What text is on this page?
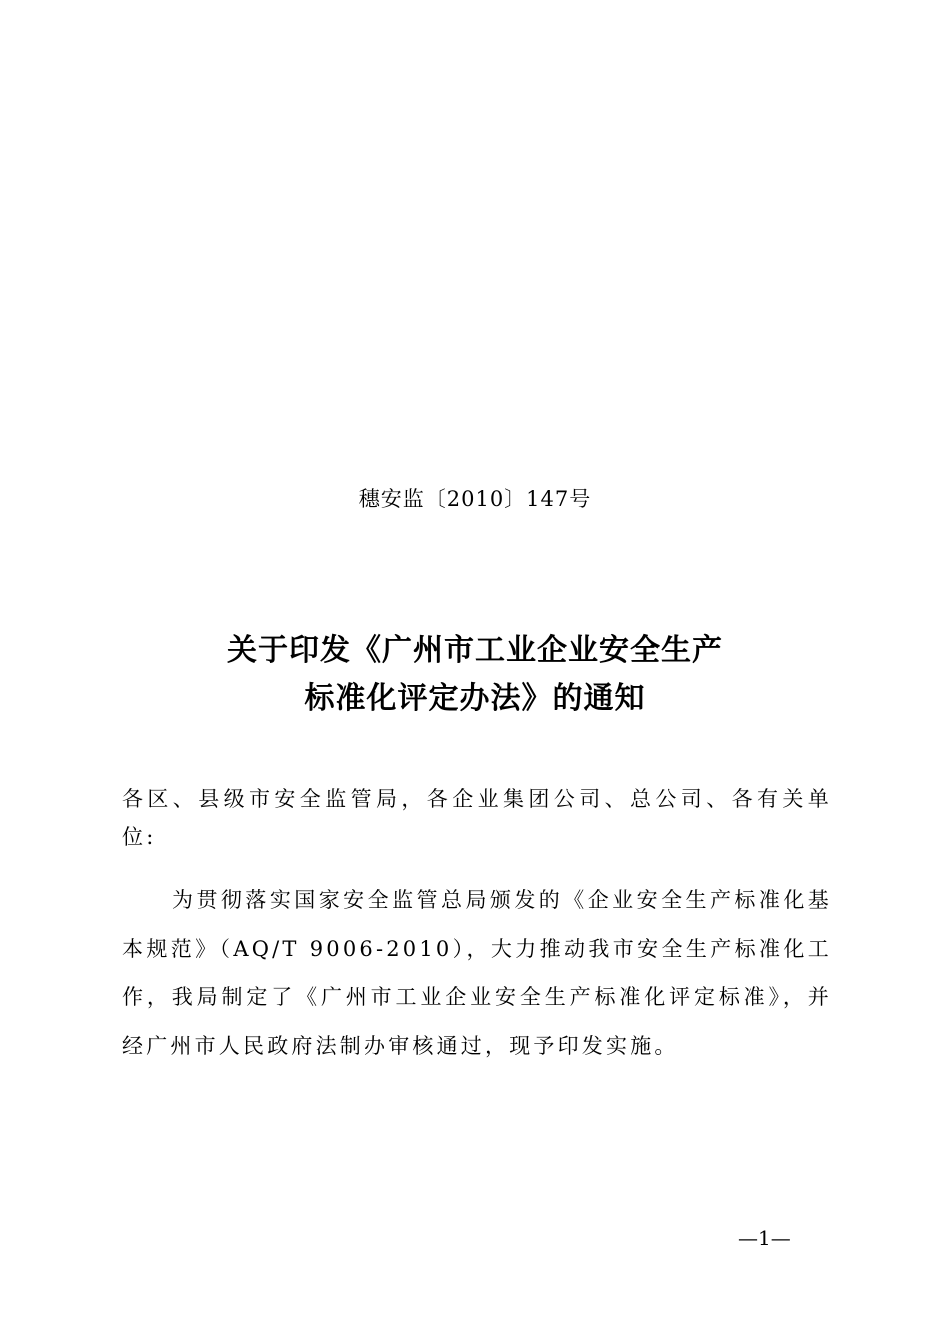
穗安监〔2010〕147号
关于印发《广州市工业企业安全生产
标准化评定办法》的通知

各区、县级市安全监管局，各企业集团公司、总公司、各有关单位:

为贯彻落实国家安全监管总局颁发的《企业安全生产标准化基本规范》（AQ/T 9006-2010），大力推动我市安全生产标准化工作，我局制定了《广州市工业企业安全生产标准化评定标准》，并经广州市人民政府法制办审核通过，现予印发实施。

—1—
